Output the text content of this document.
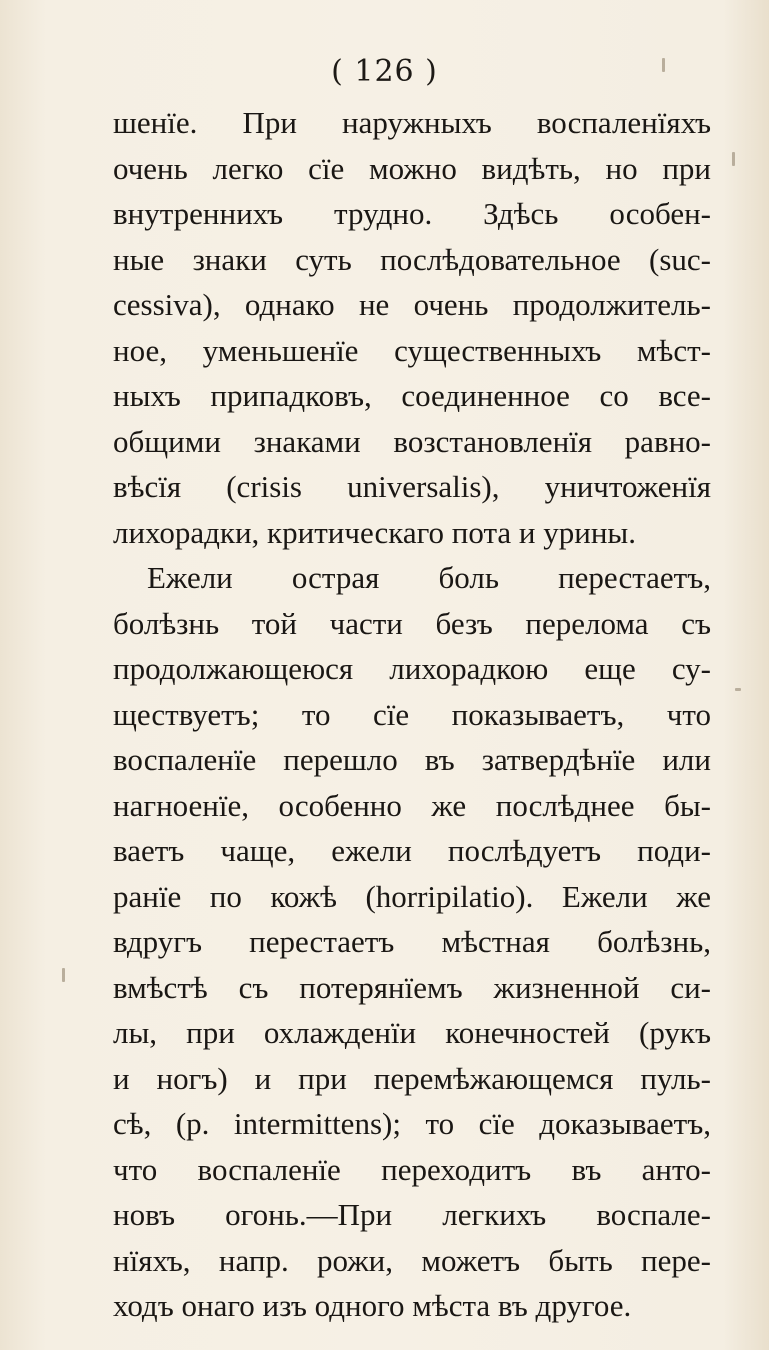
( 126 )
шенїе. При наружныхъ воспаленїяхъ
очень легко сїе можно видѣть, но при
внутреннихъ трудно. Здѣсь особен-
ные знаки суть послѣдовательное (suc-
cessiva), однако не очень продолжитель-
ное, уменьшенїе существенныхъ мѣст-
ныхъ припадковъ, соединенное со все-
общими знаками возстановленїя равно-
вѣсїя (crisis universalis), уничтоженїя
лихорадки, критическаго пота и урины.
Ежели острая боль перестаетъ,
болѣзнь той части безъ перелома съ
продолжающеюся лихорадкою еще су-
ществуетъ; то сїе показываетъ, что
воспаленїе перешло въ затвердѣнїе или
нагноенїе, особенно же послѣднее бы-
ваетъ чаще, ежели послѣдуетъ поди-
ранїе по кожѣ (horripilatio). Ежели же
вдругъ перестаетъ мѣстная болѣзнь,
вмѣстѣ съ потерянїемъ жизненной си-
лы, при охлажденїи конечностей (рукъ
и ногъ) и при перемѣжающемся пуль-
сѣ, (p. intermittens); то сїе доказываетъ,
что воспаленїе переходитъ въ анто-
новъ огонь.—При легкихъ воспале-
нїяхъ, напр. рожи, можетъ быть пере-
ходъ онаго изъ одного мѣста въ другое.
